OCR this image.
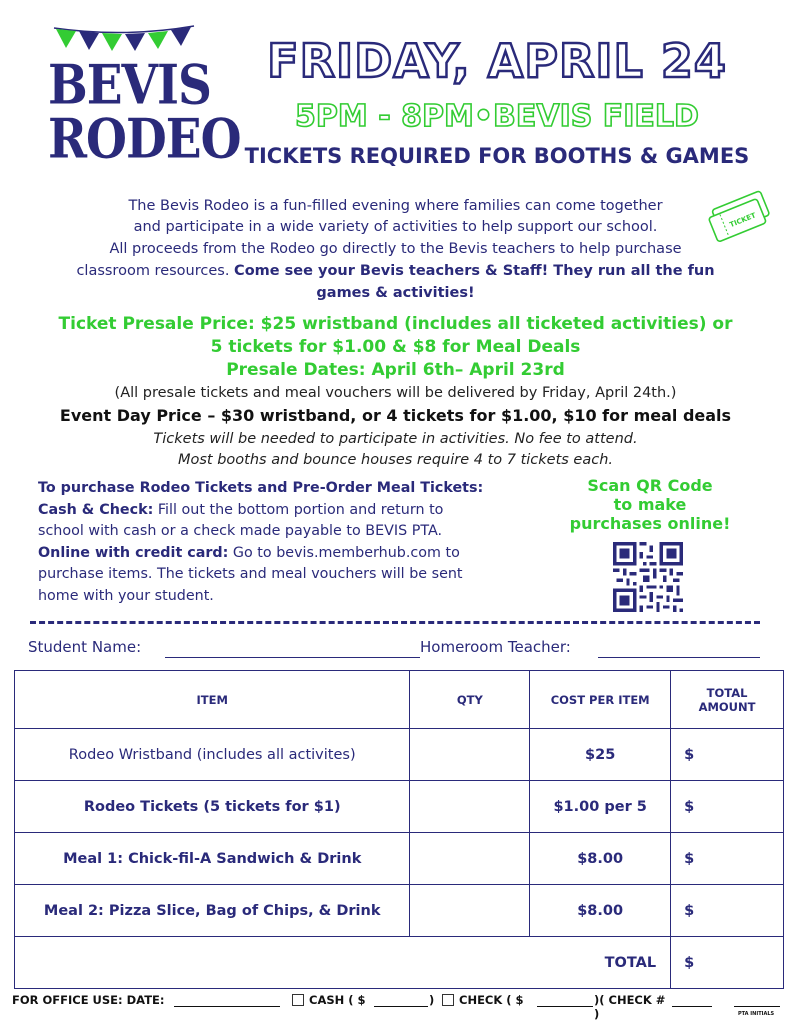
BEVIS
RODEO
FRIDAY, APRIL 24
5PM - 8PM•BEVIS FIELD
TICKETS REQUIRED FOR BOOTHS & GAMES
TICKET
The Bevis Rodeo is a fun-filled evening where families can come together
and participate in a wide variety of activities to help support our school.
All proceeds from the Rodeo go directly to the Bevis teachers to help purchase
classroom resources. Come see your Bevis teachers & Staff! They run all the fun
games & activities!
Ticket Presale Price: $25 wristband (includes all ticketed activities) or
5 tickets for $1.00 & $8 for Meal Deals
Presale Dates: April 6th– April 23rd
(All presale tickets and meal vouchers will be delivered by Friday, April 24th.)
Event Day Price – $30 wristband, or 4 tickets for $1.00, $10 for meal deals
Tickets will be needed to participate in activities. No fee to attend.
Most booths and bounce houses require 4 to 7 tickets each.
To purchase Rodeo Tickets and Pre-Order Meal Tickets:
Cash & Check: Fill out the bottom portion and return to
school with cash or a check made payable to BEVIS PTA.
Online with credit card: Go to bevis.memberhub.com to
purchase items. The tickets and meal vouchers will be sent
home with your student.
Scan QR Code
to make
purchases online!
Student Name:	Homeroom Teacher:
ITEM	QTY	COST PER ITEM	TOTAL
AMOUNT

Rodeo Wristband (includes all activites)		$25	$
Rodeo Tickets (5 tickets for $1)		$1.00 per 5	$
Meal 1: Chick-fil-A Sandwich & Drink		$8.00	$
Meal 2: Pizza Slice, Bag of Chips, & Drink		$8.00	$
TOTAL			$
FOR OFFICE USE: DATE:	CASH ( $	) CHECK ( $	)( CHECK #
)	PTA INITIALS
